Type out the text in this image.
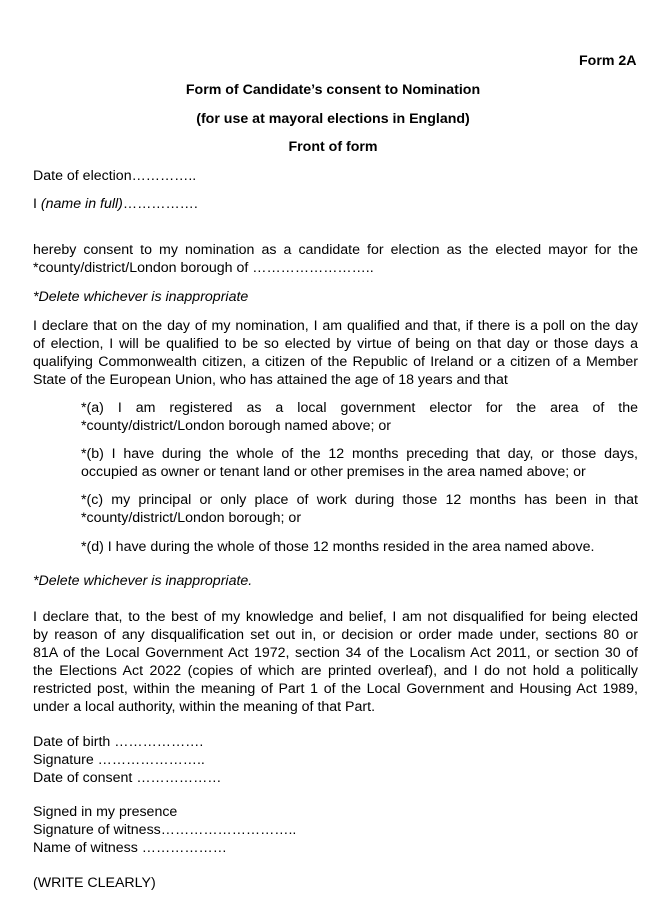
Form 2A
Form of Candidate’s consent to Nomination
(for use at mayoral elections in England)
Front of form
Date of election…………..
I (name in full)…………….
hereby consent to my nomination as a candidate for election as the elected mayor for the
*county/district/London borough of ……………………..
*Delete whichever is inappropriate
I declare that on the day of my nomination, I am qualified and that, if there is a poll on the day
of election, I will be qualified to be so elected by virtue of being on that day or those days a
qualifying Commonwealth citizen, a citizen of the Republic of Ireland or a citizen of a Member
State of the European Union, who has attained the age of 18 years and that
*(a) I am registered as a local government elector for the area of the
*county/district/London borough named above; or
*(b) I have during the whole of the 12 months preceding that day, or those days,
occupied as owner or tenant land or other premises in the area named above; or
*(c) my principal or only place of work during those 12 months has been in that
*county/district/London borough; or
*(d) I have during the whole of those 12 months resided in the area named above.
*Delete whichever is inappropriate.
I declare that, to the best of my knowledge and belief, I am not disqualified for being elected
by reason of any disqualification set out in, or decision or order made under, sections 80 or
81A of the Local Government Act 1972, section 34 of the Localism Act 2011, or section 30 of
the Elections Act 2022 (copies of which are printed overleaf), and I do not hold a politically
restricted post, within the meaning of Part 1 of the Local Government and Housing Act 1989,
under a local authority, within the meaning of that Part.
Date of birth ……………….
Signature …………………..
Date of consent ………………
Signed in my presence
Signature of witness………………………..
Name of witness ………………
(WRITE CLEARLY)
